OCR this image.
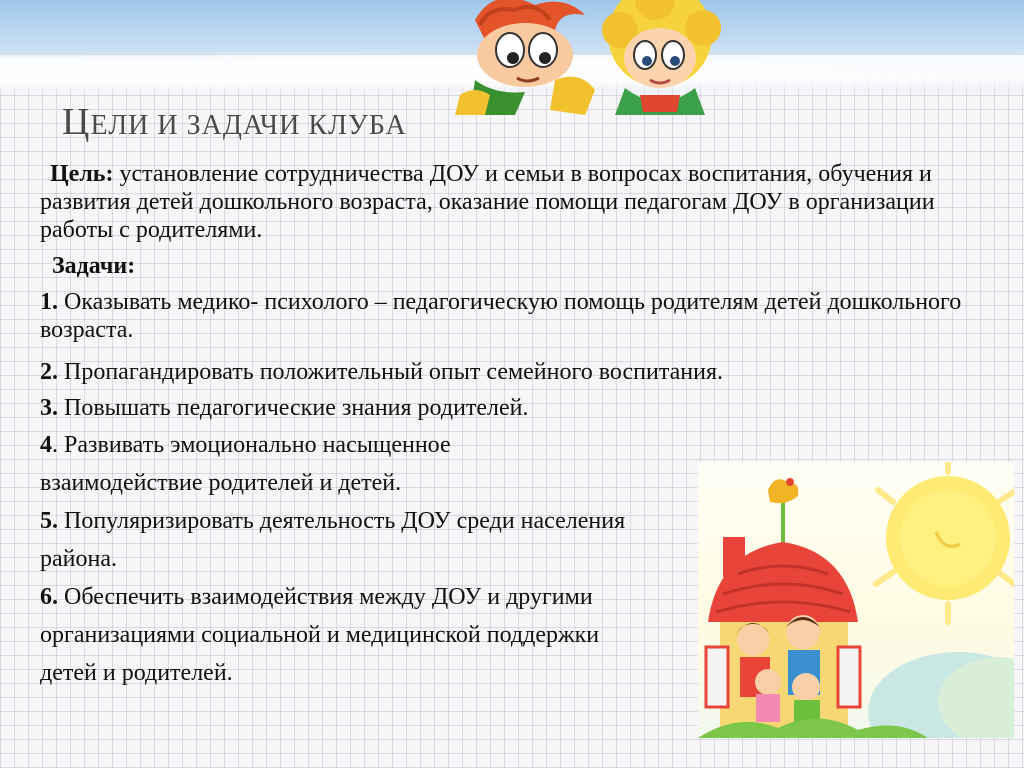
ЦЕЛИ И ЗАДАЧИ КЛУБА

Цель: установление сотрудничества ДОУ и семьи в вопросах воспитания, обучения и развития детей дошкольного возраста, оказание помощи педагогам ДОУ в организации работы с родителями.

Задачи:

1. Оказывать медико- психолого – педагогическую помощь родителям детей дошкольного возраста.

2. Пропагандировать положительный опыт семейного воспитания.

3. Повышать педагогические знания родителей.

4. Развивать эмоционально насыщенное взаимодействие родителей и детей.

5. Популяризировать деятельность ДОУ среди населения района.

6. Обеспечить взаимодействия между ДОУ и другими организациями социальной и медицинской поддержки детей и родителей.
